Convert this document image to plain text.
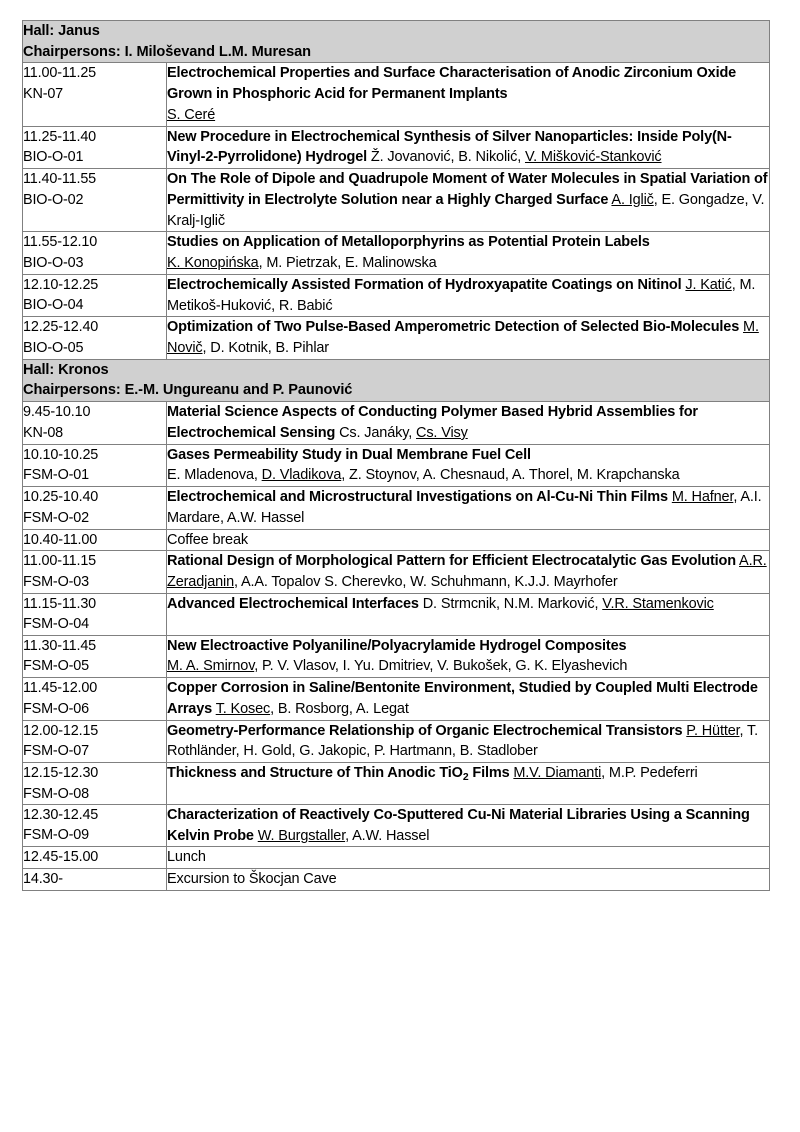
Hall: Janus
Chairpersons: I. Miloševand L.M. Muresan	

11.00-11.25
KN-07	Electrochemical Properties and Surface Characterisation of Anodic Zirconium Oxide Grown in Phosphoric Acid for Permanent Implants
S. Ceré

11.25-11.40
BIO-O-01	New Procedure in Electrochemical Synthesis of Silver Nanoparticles: Inside Poly(N-Vinyl-2-Pyrrolidone) Hydrogel Ž. Jovanović, B. Nikolić, V. Mišković-Stanković
11.40-11.55
BIO-O-02	On The Role of Dipole and Quadrupole Moment of Water Molecules in Spatial Variation of Permittivity in Electrolyte Solution near a Highly Charged Surface A. Iglič, E. Gongadze, V. Kralj-Iglič
11.55-12.10
BIO-O-03	Studies on Application of Metalloporphyrins as Potential Protein Labels
K. Konopińska, M. Pietrzak, E. Malinowska

12.10-12.25
BIO-O-04	Electrochemically Assisted Formation of Hydroxyapatite Coatings on Nitinol J. Katić, M. Metikoš-Huković, R. Babić
12.25-12.40
BIO-O-05	Optimization of Two Pulse-Based Amperometric Detection of Selected Bio-Molecules M. Novič, D. Kotnik, B. Pihlar

Hall: Kronos
Chairpersons: E.-M. Ungureanu and P. Paunović	

9.45-10.10
KN-08	Material Science Aspects of Conducting Polymer Based Hybrid Assemblies for Electrochemical Sensing Cs. Janáky, Cs. Visy
10.10-10.25
FSM-O-01	Gases Permeability Study in Dual Membrane Fuel Cell
E. Mladenova, D. Vladikova, Z. Stoynov, A. Chesnaud, A. Thorel, M. Krapchanska

10.25-10.40
FSM-O-02	Electrochemical and Microstructural Investigations on Al-Cu-Ni Thin Films M. Hafner, A.I. Mardare, A.W. Hassel
10.40-11.00	Coffee break
11.00-11.15
FSM-O-03	Rational Design of Morphological Pattern for Efficient Electrocatalytic Gas Evolution A.R. Zeradjanin, A.A. Topalov S. Cherevko, W. Schuhmann, K.J.J. Mayrhofer
11.15-11.30
FSM-O-04	Advanced Electrochemical Interfaces D. Strmcnik, N.M. Marković, V.R. Stamenkovic
11.30-11.45
FSM-O-05	New Electroactive Polyaniline/Polyacrylamide Hydrogel Composites
M. A. Smirnov, P. V. Vlasov, I. Yu. Dmitriev, V. Bukošek, G. K. Elyashevich

11.45-12.00
FSM-O-06	Copper Corrosion in Saline/Bentonite Environment, Studied by Coupled Multi Electrode Arrays T. Kosec, B. Rosborg, A. Legat
12.00-12.15
FSM-O-07	Geometry-Performance Relationship of Organic Electrochemical Transistors P. Hütter, T. Rothländer, H. Gold, G. Jakopic, P. Hartmann, B. Stadlober
12.15-12.30
FSM-O-08	Thickness and Structure of Thin Anodic TiO$_2$ Films M.V. Diamanti, M.P. Pedeferri
12.30-12.45
FSM-O-09	Characterization of Reactively Co-Sputtered Cu-Ni Material Libraries Using a Scanning Kelvin Probe W. Burgstaller, A.W. Hassel
12.45-15.00	Lunch
14.30-	Excursion to Škocjan Cave
